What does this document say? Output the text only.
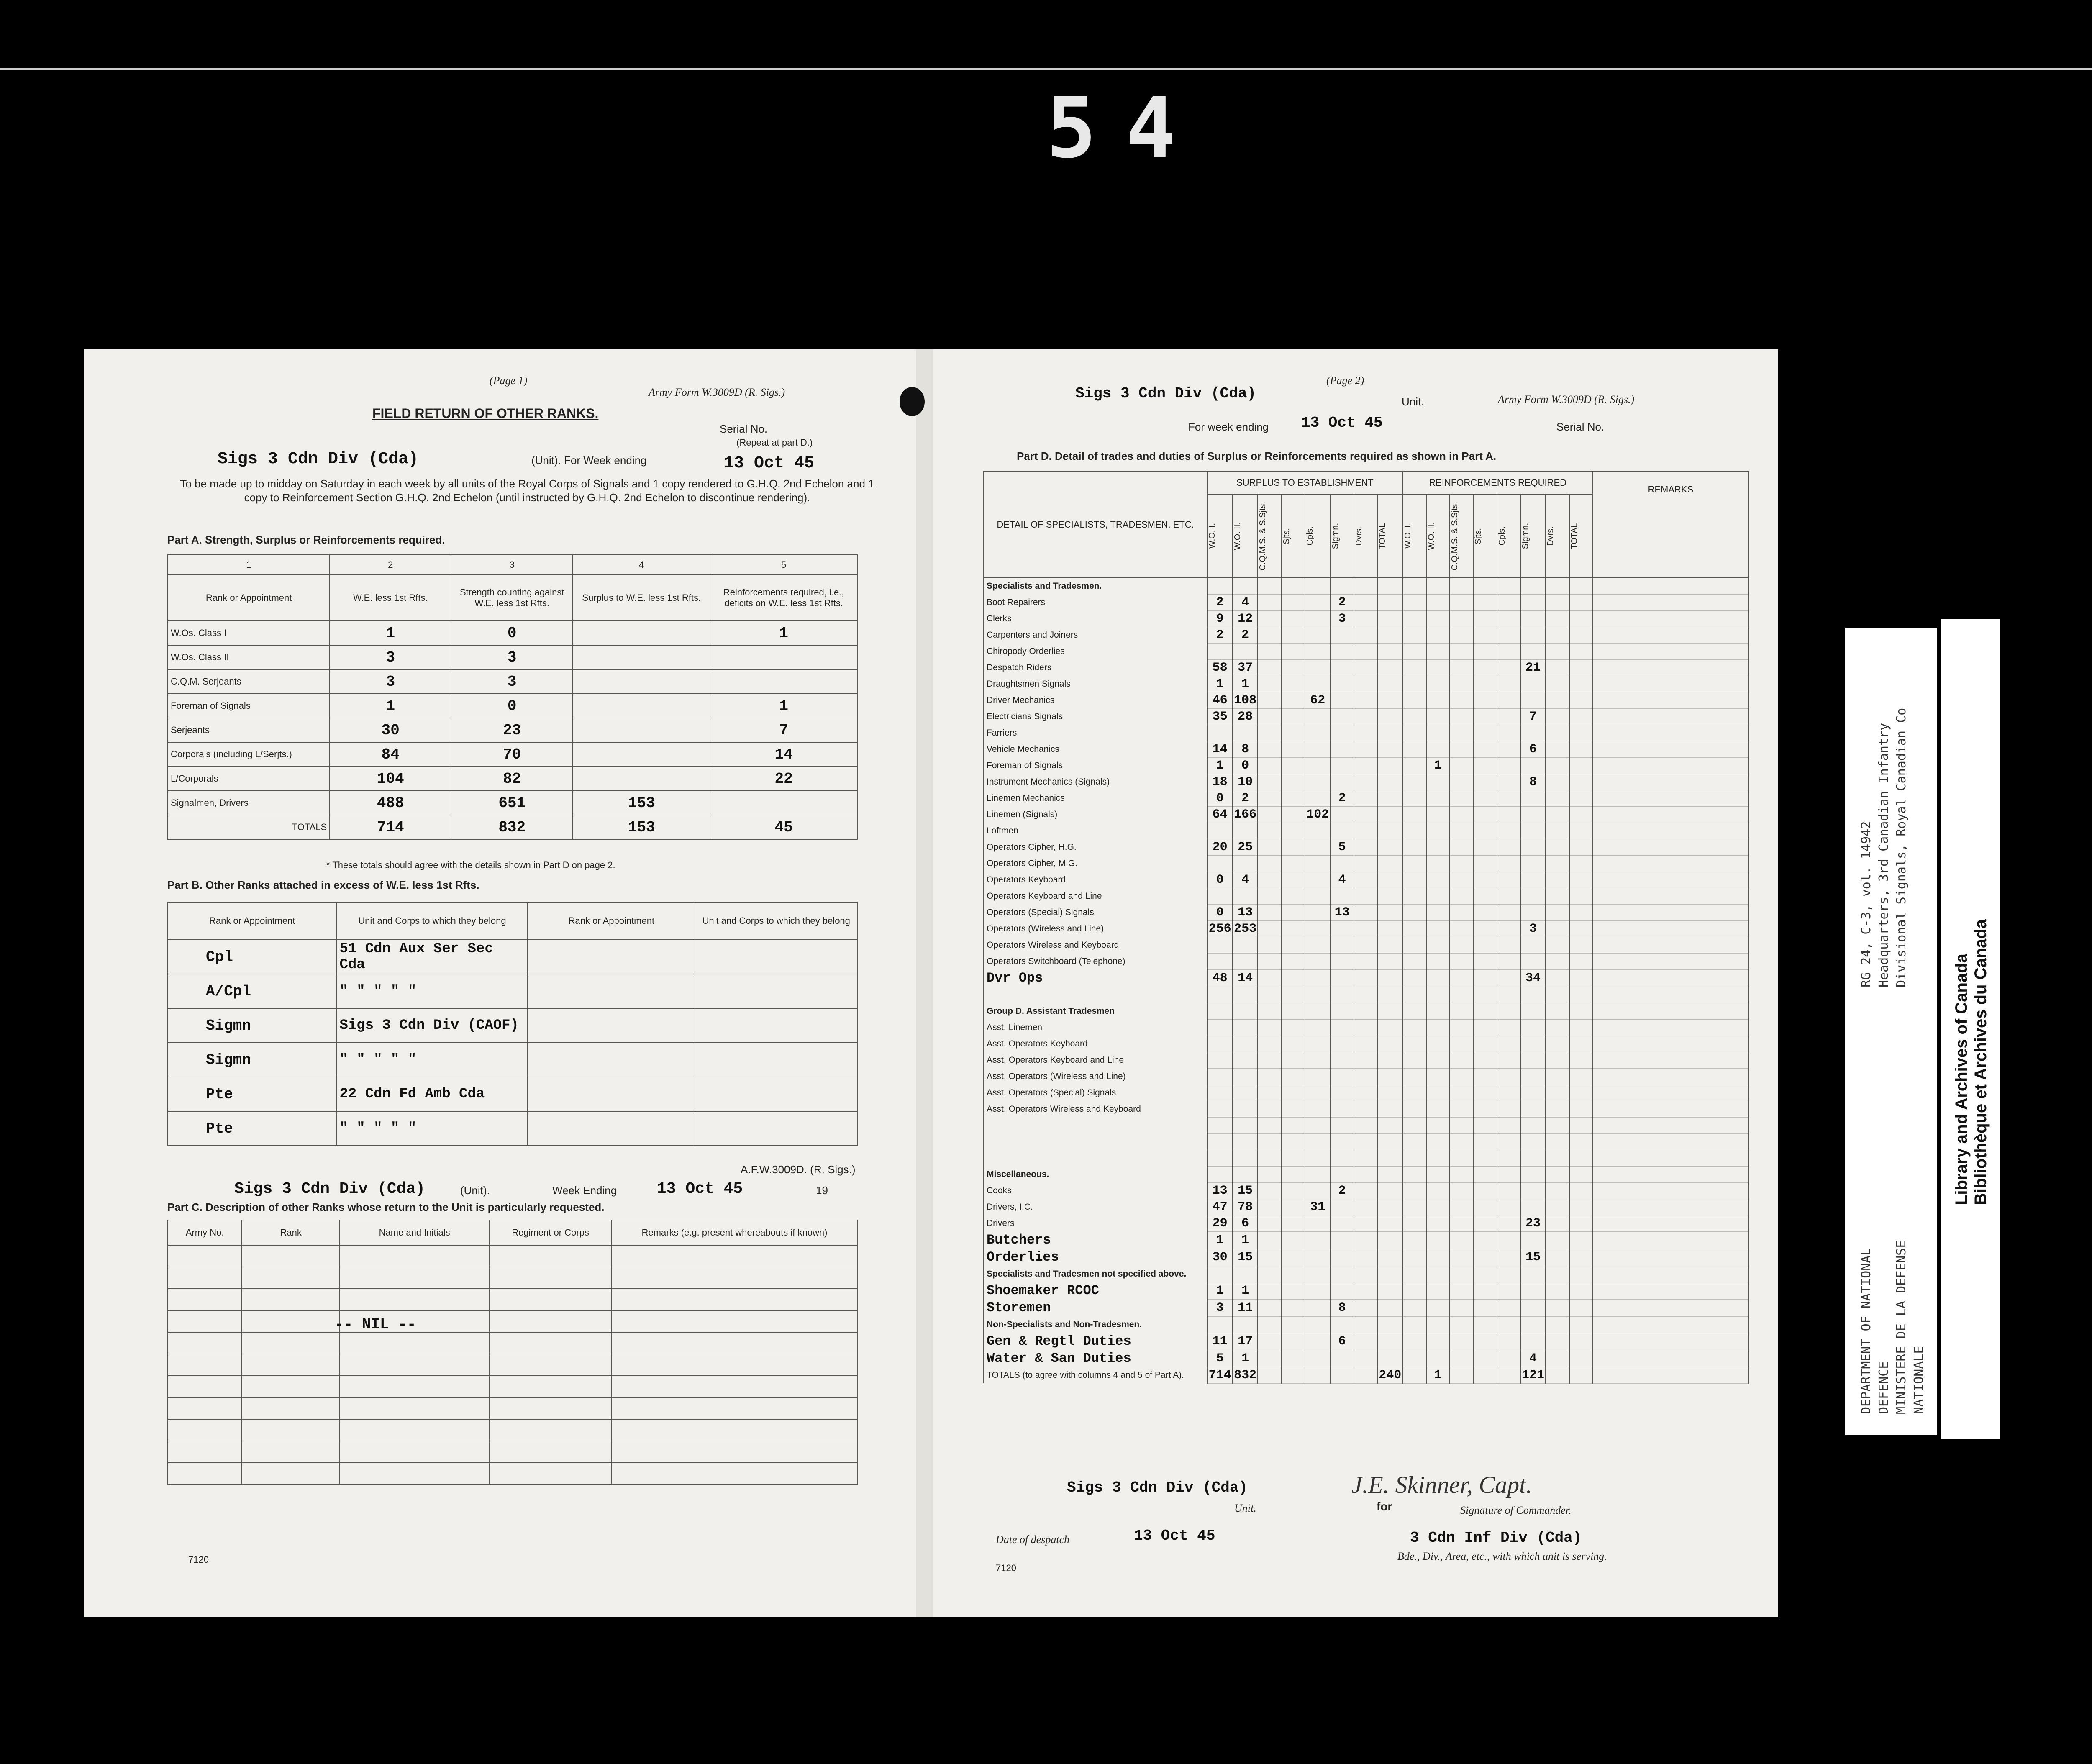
54
(Page 1)
Army Form W.3009D (R. Sigs.)
FIELD RETURN OF OTHER RANKS.
Serial No.
(Repeat at part D.)
Sigs 3 Cdn Div (Cda)	(Unit). For Week ending	13 Oct 45
To be made up to midday on Saturday in each week by all units of the Royal Corps of Signals and 1 copy rendered to G.H.Q. 2nd Echelon and 1 copy to Reinforcement Section G.H.Q. 2nd Echelon (until instructed by G.H.Q. 2nd Echelon to discontinue rendering).
Part A. Strength, Surplus or Reinforcements required.
1	2	3	4	5
Rank or Appointment	W.E. less 1st Rfts.	Strength counting against W.E. less 1st Rfts.	Surplus to W.E. less 1st Rfts.	Reinforcements required, i.e., deficits on W.E. less 1st Rfts.
W.Os. Class I	1	0		1
W.Os. Class II	3	3		
C.Q.M. Serjeants	3	3		
Foreman of Signals	1	0		1
Serjeants	30	23		7
Corporals (including L/Serjts.)	84	70		14
L/Corporals	104	82		22
Signalmen, Drivers	488	651	153	
TOTALS	714	832	153	45
* These totals should agree with the details shown in Part D on page 2.
Part B. Other Ranks attached in excess of W.E. less 1st Rfts.
Rank or Appointment	Unit and Corps to which they belong	Rank or Appointment	Unit and Corps to which they belong
Cpl	51 Cdn Aux Ser Sec Cda		
A/Cpl	" " " " "		
Sigmn	Sigs 3 Cdn Div (CAOF)		
Sigmn	" " " " "		
Pte	22 Cdn Fd Amb Cda		
Pte	" " " " "		
A.F.W.3009D. (R. Sigs.)
Sigs 3 Cdn Div (Cda)	(Unit).	Week Ending	13 Oct 45	19
Part C. Description of other Ranks whose return to the Unit is particularly requested.
Army No.	Rank	Name and Initials	Regiment or Corps	Remarks (e.g. present whereabouts if known)

-- NIL --
7120
Sigs 3 Cdn Div (Cda)
(Page 2)
Unit.	Army Form W.3009D (R. Sigs.)
For week ending 13 Oct 45	Serial No.
Part D. Detail of trades and duties of Surplus or Reinforcements required as shown in Part A.
DETAIL OF SPECIALISTS, TRADESMEN, ETC.	SURPLUS TO ESTABLISHMENT								REINFORCEMENTS REQUIRED								REMARKS

	W.O. I.	W.O. II.	C.Q.M.S. & S.Sjts.	Sjts.	Cpls.	Sigmn.	Dvrs.	TOTAL	W.O. I.	W.O. II.	C.Q.M.S. & S.Sjts.	Sjts.	Cpls.	Sigmn.	Dvrs.	TOTAL	

Specialists and Tradesmen.																	
Boot Repairers	2	4				2											
Clerks	9	12				3											
Carpenters and Joiners	2	2															
Chiropody Orderlies																	
Despatch Riders	58	37												21			
Draughtsmen Signals	1	1															
Driver Mechanics	46	108			62												
Electricians Signals	35	28												7			
Farriers																	
Vehicle Mechanics	14	8												6			
Foreman of Signals	1	0								1							
Instrument Mechanics (Signals)	18	10												8			
Linemen Mechanics	0	2				2											
Linemen (Signals)	64	166			102												
Loftmen																	
Operators Cipher, H.G.	20	25				5											
Operators Cipher, M.G.																	
Operators Keyboard	0	4				4											
Operators Keyboard and Line																	
Operators (Special) Signals	0	13				13											
Operators (Wireless and Line)	256	253												3			
Operators Wireless and Keyboard																	
Operators Switchboard (Telephone)																	
Dvr Ops	48	14												34			

Group D. Assistant Tradesmen																	
Asst. Linemen																	
Asst. Operators Keyboard																	
Asst. Operators Keyboard and Line																	
Asst. Operators (Wireless and Line)																	
Asst. Operators (Special) Signals																	
Asst. Operators Wireless and Keyboard																	

Miscellaneous.																	
Cooks	13	15				2											
Drivers, I.C.	47	78			31												
Drivers	29	6												23			
Butchers	1	1															
Orderlies	30	15												15			
Specialists and Tradesmen not specified above.																	
Shoemaker RCOC	1	1															
Storemen	3	11				8											
Non-Specialists and Non-Tradesmen.																	
Gen & Regtl Duties	11	17				6											
Water & San Duties	5	1												4			
TOTALS (to agree with columns 4 and 5 of Part A).	714	832						240		1				121			
Sigs 3 Cdn Div (Cda)
Unit.
J.E. Skinner, Capt.
for	Signature of Commander.
Date of despatch	13 Oct 45	3 Cdn Inf Div (Cda)
Bde., Div., Area, etc., with which unit is serving.
7120
DEPARTMENT OF NATIONAL DEFENCE MINISTERE DE LA DEFENSE NATIONALE
RG 24, C-3, vol. 14942 Headquarters, 3rd Canadian Infantry Divisional Signals, Royal Canadian Co
Library and Archives of Canada Bibliothèque et Archives du Canada
